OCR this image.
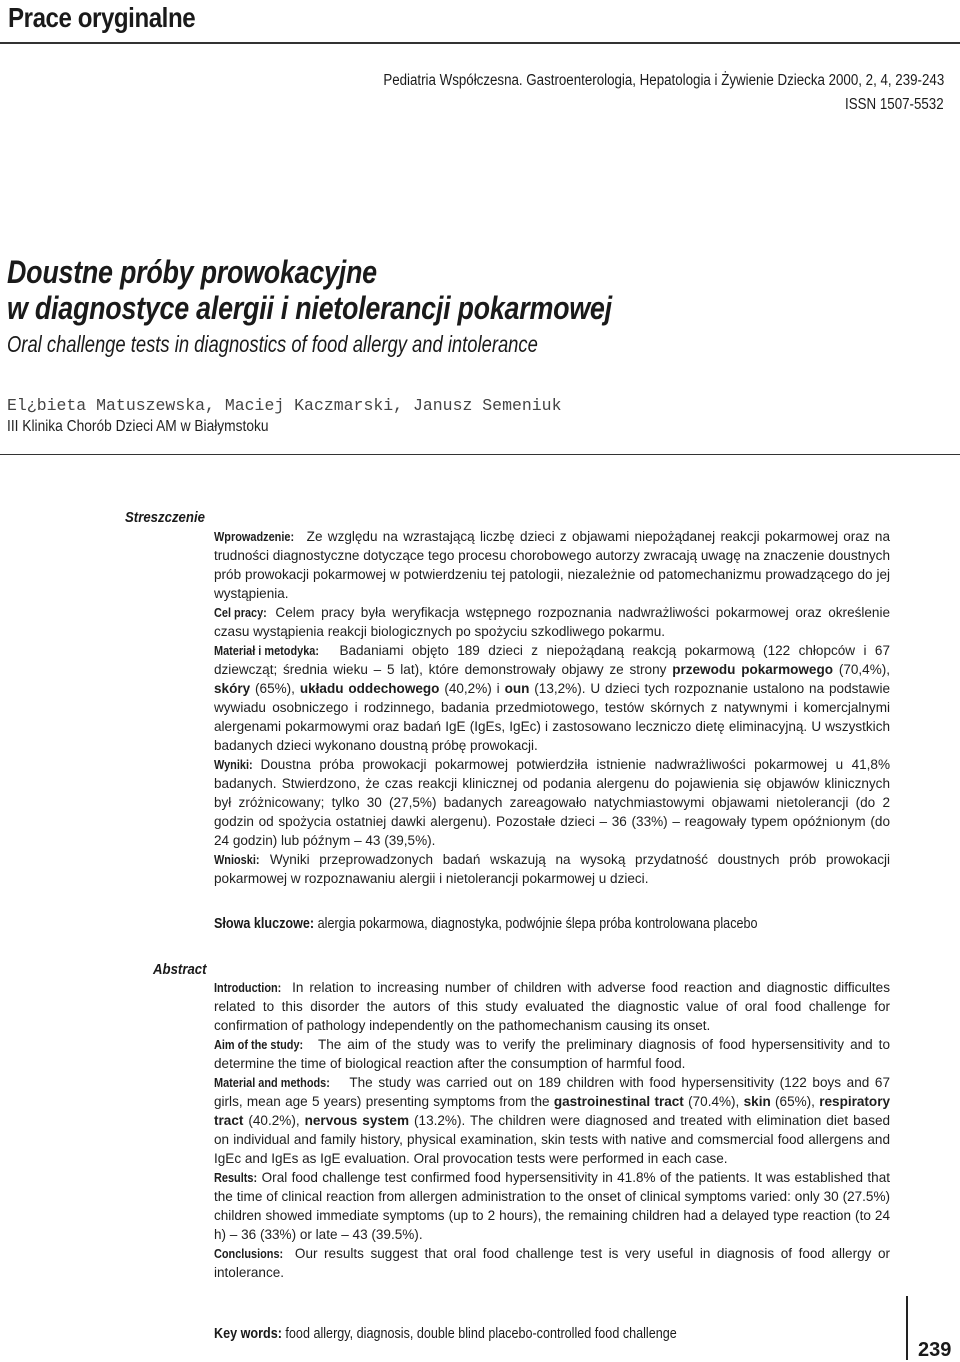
Prace oryginalne
Pediatria Współczesna. Gastroenterologia, Hepatologia i Żywienie Dziecka 2000, 2, 4, 239-243
ISSN 1507-5532
Doustne próby prowokacyjne
w diagnostyce alergii i nietolerancji pokarmowej
Oral challenge tests in diagnostics of food allergy and intolerance
El¿bieta Matuszewska, Maciej Kaczmarski, Janusz Semeniuk
III Klinika Chorób Dzieci AM w Białymstoku
Streszczenie

Wprowadzenie: Ze względu na wzrastającą liczbę dzieci z objawami niepożądanej reakcji pokarmowej oraz na trudności diagnostyczne dotyczące tego procesu chorobowego autorzy zwracają uwagę na znaczenie doustnych prób prowokacji pokarmowej w potwierdzeniu tej patologii, niezależnie od patomechanizmu prowadzącego do jej wystąpienia.

Cel pracy: Celem pracy była weryfikacja wstępnego rozpoznania nadwrażliwości pokarmowej oraz określenie czasu wystąpienia reakcji biologicznych po spożyciu szkodliwego pokarmu.

Materiał i metodyka: Badaniami objęto 189 dzieci z niepożądaną reakcją pokarmową (122 chłopców i 67 dziewcząt; średnia wieku – 5 lat), które demonstrowały objawy ze strony przewodu pokarmowego (70,4%), skóry (65%), układu oddechowego (40,2%) i oun (13,2%). U dzieci tych rozpoznanie ustalono na podstawie wywiadu osobniczego i rodzinnego, badania przedmiotowego, testów skórnych z natywnymi i komercjalnymi alergenami pokarmowymi oraz badań IgE (IgEs, IgEc) i zastosowano leczniczo dietę eliminacyjną. U wszystkich badanych dzieci wykonano doustną próbę prowokacji.

Wyniki: Doustna próba prowokacji pokarmowej potwierdziła istnienie nadwrażliwości pokarmowej u 41,8% badanych. Stwierdzono, że czas reakcji klinicznej od podania alergenu do pojawienia się objawów klinicznych był zróżnicowany; tylko 30 (27,5%) badanych zareagowało natychmiastowymi objawami nietolerancji (do 2 godzin od spożycia ostatniej dawki alergenu). Pozostałe dzieci – 36 (33%) – reagowały typem opóźnionym (do 24 godzin) lub późnym – 43 (39,5%).

Wnioski: Wyniki przeprowadzonych badań wskazują na wysoką przydatność doustnych prób prowokacji pokarmowej w rozpoznawaniu alergii i nietolerancji pokarmowej u dzieci.

Słowa kluczowe: alergia pokarmowa, diagnostyka, podwójnie ślepa próba kontrolowana placebo
Abstract

Introduction: In relation to increasing number of children with adverse food reaction and diagnostic difficultes related to this disorder the autors of this study evaluated the diagnostic value of oral food challenge for confirmation of pathology independently on the pathomechanism causing its onset.

Aim of the study: The aim of the study was to verify the preliminary diagnosis of food hypersensitivity and to determine the time of biological reaction after the consumption of harmful food.

Material and methods: The study was carried out on 189 children with food hypersensitivity (122 boys and 67 girls, mean age 5 years) presenting symptoms from the gastroinestinal tract (70.4%), skin (65%), respiratory tract (40.2%), nervous system (13.2%). The children were diagnosed and treated with elimination diet based on individual and family history, physical examination, skin tests with native and comsmercial food allergens and IgEc and IgEs as IgE evaluation. Oral provocation tests were performed in each case.

Results: Oral food challenge test confirmed food hypersensitivity in 41.8% of the patients. It was established that the time of clinical reaction from allergen administration to the onset of clinical symptoms varied: only 30 (27.5%) children showed immediate symptoms (up to 2 hours), the remaining children had a delayed type reaction (to 24 h) – 36 (33%) or late – 43 (39.5%).

Conclusions: Our results suggest that oral food challenge test is very useful in diagnosis of food allergy or intolerance.

Key words: food allergy, diagnosis, double blind placebo-controlled food challenge
239
